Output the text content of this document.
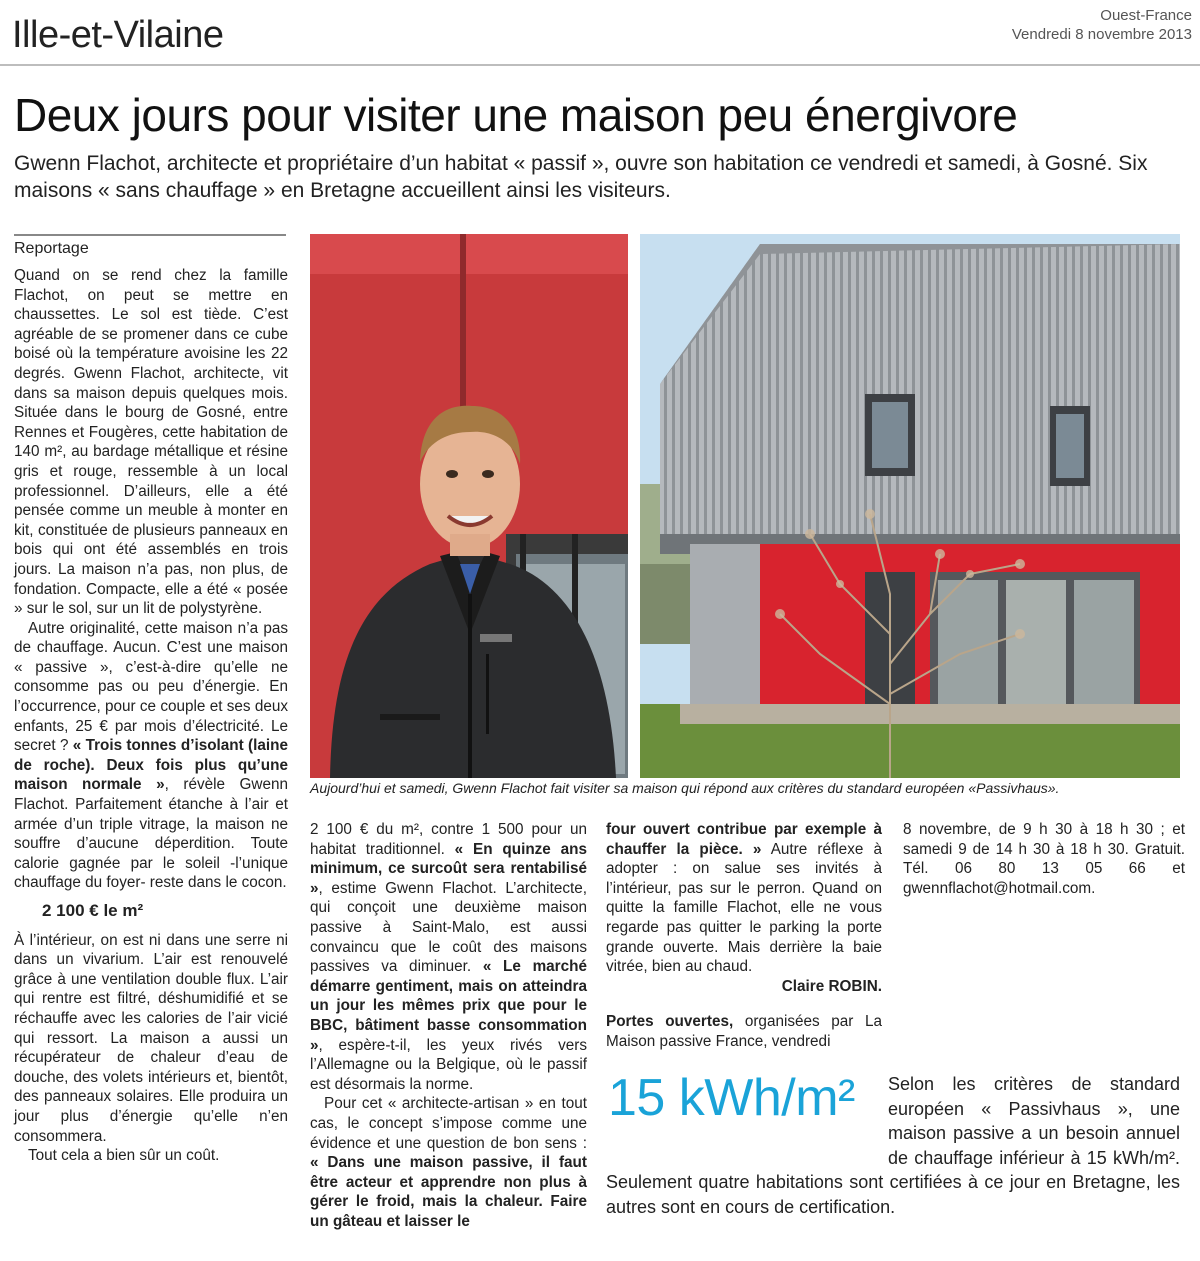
Ille-et-Vilaine	Ouest-France
Vendredi 8 novembre 2013
Deux jours pour visiter une maison peu énergivore
Gwenn Flachot, architecte et propriétaire d’un habitat « passif », ouvre son habitation ce vendredi et samedi, à Gosné. Six maisons « sans chauffage » en Bretagne accueillent ainsi les visiteurs.
Reportage

Quand on se rend chez la famille Flachot, on peut se mettre en chaussettes. Le sol est tiède. C’est agréable de se promener dans ce cube boisé où la température avoisine les 22 degrés. Gwenn Flachot, architecte, vit dans sa maison depuis quelques mois. Située dans le bourg de Gosné, entre Rennes et Fougères, cette habitation de 140 m², au bardage métallique et résine gris et rouge, ressemble à un local professionnel. D’ailleurs, elle a été pensée comme un meuble à monter en kit, constituée de plusieurs panneaux en bois qui ont été assemblés en trois jours. La maison n’a pas, non plus, de fondation. Compacte, elle a été « posée » sur le sol, sur un lit de polystyrène.

Autre originalité, cette maison n’a pas de chauffage. Aucun. C’est une maison « passive », c’est-à-dire qu’elle ne consomme pas ou peu d’énergie. En l’occurrence, pour ce couple et ses deux enfants, 25 € par mois d’électricité. Le secret ? « Trois tonnes d’isolant (laine de roche). Deux fois plus qu’une maison normale », révèle Gwenn Flachot. Parfaitement étanche à l’air et armée d’un triple vitrage, la maison ne souffre d’aucune déperdition. Toute calorie gagnée par le soleil -l’unique chauffage du foyer- reste dans le cocon.

2 100 € le m²

À l’intérieur, on est ni dans une serre ni dans un vivarium. L’air est renouvelé grâce à une ventilation double flux. L’air qui rentre est filtré, déshumidifié et se réchauffe avec les calories de l’air vicié qui ressort. La maison a aussi un récupérateur de chaleur d’eau de douche, des volets intérieurs et, bientôt, des panneaux solaires. Elle produira un jour plus d’énergie qu’elle n’en consommera.

Tout cela a bien sûr un coût.

Aujourd’hui et samedi, Gwenn Flachot fait visiter sa maison qui répond aux critères du standard européen «Passivhaus».

2 100 € du m², contre 1 500 pour un habitat traditionnel. « En quinze ans minimum, ce surcoût sera rentabilisé », estime Gwenn Flachot. L’architecte, qui conçoit une deuxième maison passive à Saint-Malo, est aussi convaincu que le coût des maisons passives va diminuer. « Le marché démarre gentiment, mais on atteindra un jour les mêmes prix que pour le BBC, bâtiment basse consommation », espère-t-il, les yeux rivés vers l’Allemagne ou la Belgique, où le passif est désormais la norme.

Pour cet « architecte-artisan » en tout cas, le concept s’impose comme une évidence et une question de bon sens : « Dans une maison passive, il faut être acteur et apprendre non plus à gérer le froid, mais la chaleur. Faire un gâteau et laisser le

four ouvert contribue par exemple à chauffer la pièce. » Autre réflexe à adopter : on salue ses invités à l’intérieur, pas sur le perron. Quand on quitte la famille Flachot, elle ne vous regarde pas quitter le parking la porte grande ouverte. Mais derrière la baie vitrée, bien au chaud.

Claire ROBIN.

Portes ouvertes, organisées par La Maison passive France, vendredi

8 novembre, de 9 h 30 à 18 h 30 ; et samedi 9 de 14 h 30 à 18 h 30. Gratuit. Tél. 06 80 13 05 66 et gwennflachot@hotmail.com.

Selon les critères de standard européen « Passivhaus », une maison passive a un besoin annuel de chauffage inférieur à 15 kWh/m². Seulement quatre habitations sont certifiées à ce jour en Bretagne, les autres sont en cours de certification.
15 kWh/m²
